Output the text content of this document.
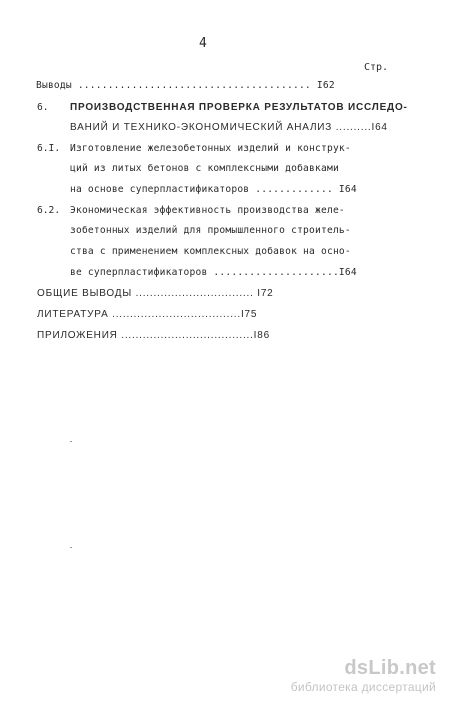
4
Стр.
Выводы ....................................... I62
6. ПРОИЗВОДСТВЕННАЯ ПРОВЕРКА РЕЗУЛЬТАТОВ ИССЛЕДО-
ВАНИЙ И ТЕХНИКО-ЭКОНОМИЧЕСКИЙ АНАЛИЗ ..........I64
6.I. Изготовление железобетонных изделий и конструк-
ций из литых бетонов с комплексными добавками
на основе суперпластификаторов ............. I64
6.2. Экономическая эффективность производства желе-
зобетонных изделий для промышленного строитель-
ства с применением комплексных добавок на осно-
ве суперпластификаторов .....................I64
ОБЩИЕ ВЫВОДЫ ................................. I72
ЛИТЕРАТУРА ....................................I75
ПРИЛОЖЕНИЯ .....................................I86
dsLib.net
библиотека диссертаций
